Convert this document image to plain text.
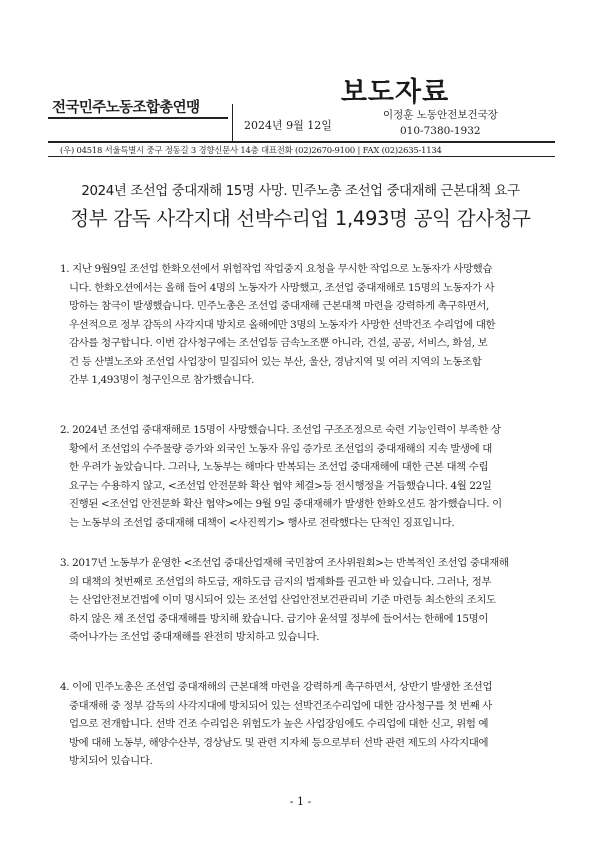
전국민주노동조합총연맹	보도자료
2024년 9월 12일
이정훈 노동안전보건국장
010-7380-1932
(우) 04518 서울특별시 중구 정동길 3 경향신문사 14층 대표전화 (02)2670-9100 | FAX (02)2635-1134
2024년 조선업 중대재해 15명 사망. 민주노총 조선업 중대재해 근본대책 요구
정부 감독 사각지대 선박수리업 1,493명 공익 감사청구
1. 지난 9월9일 조선업 한화오션에서 위험작업 작업중지 요청을 무시한 작업으로 노동자가 사망했습
니다. 한화오션에서는 올해 들어 4명의 노동자가 사망했고, 조선업 중대재해로 15명의 노동자가 사
망하는 참극이 발생했습니다. 민주노총은 조선업 중대재해 근본대책 마련을 강력하게 촉구하면서,
우선적으로 정부 감독의 사각지대 방치로 올해에만 3명의 노동자가 사망한 선박건조 수리업에 대한
감사를 청구합니다. 이번 감사청구에는 조선업등 금속노조뿐 아니라, 건설, 공공, 서비스, 화섬, 보
건 등 산별노조와 조선업 사업장이 밀집되어 있는 부산, 울산, 경남지역 및 여러 지역의 노동조합
간부 1,493명이 청구인으로 참가했습니다.
2. 2024년 조선업 중대재해로 15명이 사망했습니다. 조선업 구조조정으로 숙련 기능인력이 부족한 상
황에서 조선업의 수주물량 증가와 외국인 노동자 유입 증가로 조선업의 중대재해의 지속 발생에 대
한 우려가 높았습니다. 그러나, 노동부는 해마다 반복되는 조선업 중대재해에 대한 근본 대책 수립
요구는 수용하지 않고, <조선업 안전문화 확산 협약 체결>등 전시행정을 거듭했습니다. 4월 22일
진행된 <조선업 안전문화 확산 협약>에는 9월 9일 중대재해가 발생한 한화오션도 참가했습니다. 이
는 노동부의 조선업 중대재해 대책이 <사진찍기> 행사로 전락했다는 단적인 징표입니다.
3. 2017년 노동부가 운영한 <조선업 중대산업재해 국민참여 조사위원회>는 반복적인 조선업 중대재해
의 대책의 첫번째로 조선업의 하도급, 재하도급 금지의 법제화를 권고한 바 있습니다. 그러나, 정부
는 산업안전보건법에 이미 명시되어 있는 조선업 산업안전보건관리비 기준 마련등 최소한의 조치도
하지 않은 채 조선업 중대재해를 방치해 왔습니다. 급기야 윤석열 정부에 들어서는 한해에 15명이
죽어나가는 조선업 중대재해를 완전히 방치하고 있습니다.
4. 이에 민주노총은 조선업 중대재해의 근본대책 마련을 강력하게 촉구하면서, 상반기 발생한 조선업
중대재해 중 정부 감독의 사각지대에 방치되어 있는 선박건조수리업에 대한 감사청구를 첫 번째 사
업으로 전개합니다. 선박 건조 수리업은 위험도가 높은 사업장임에도 수리업에 대한 신고, 위험 예
방에 대해 노동부, 해양수산부, 경상남도 및 관련 지자체 등으로부터 선박 관련 제도의 사각지대에
방치되어 있습니다.
- 1 -
